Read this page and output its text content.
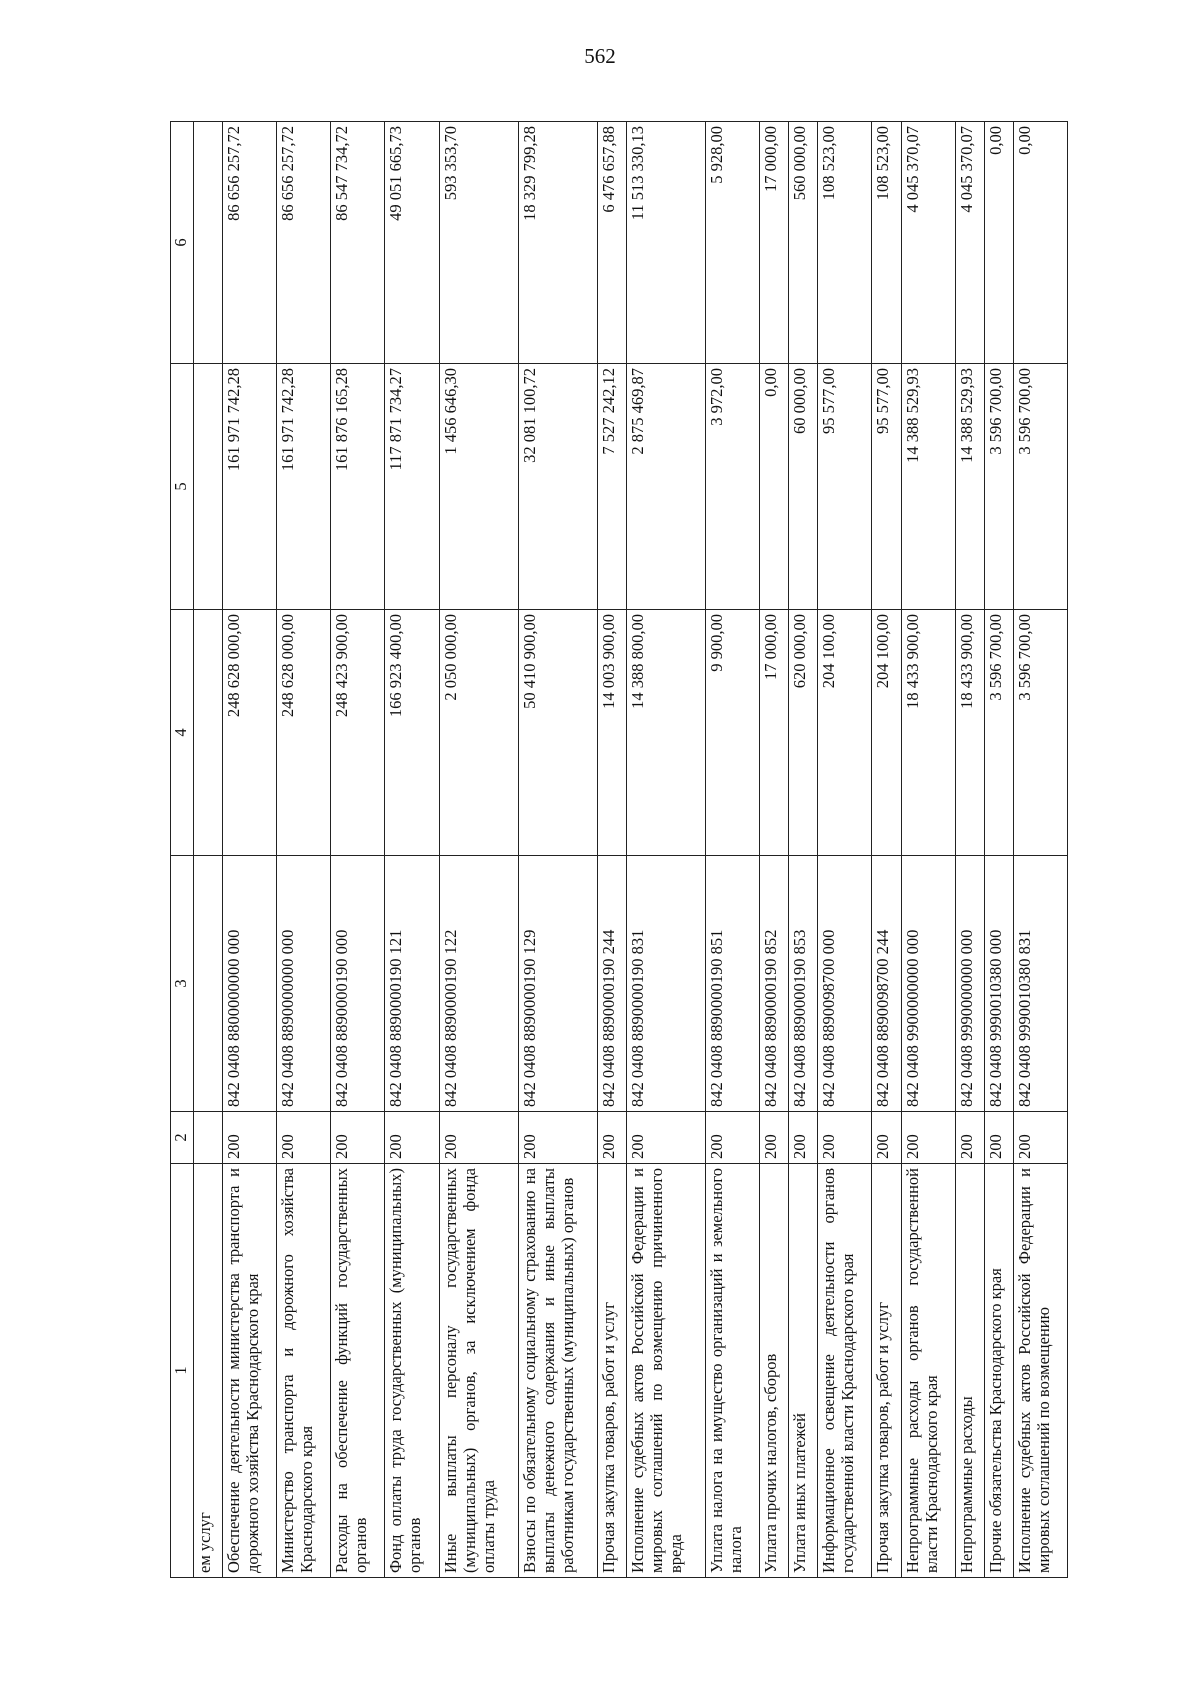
562
1	2	3	4	5	6
ем услуг					
Обеспечение деятельности министерства транспорта и дорожного хозяйства Краснодарского края	200	842 0408 8800000000 000	248 628 000,00	161 971 742,28	86 656 257,72
Министерство транспорта и дорожного хозяйства Краснодарского края	200	842 0408 8890000000 000	248 628 000,00	161 971 742,28	86 656 257,72
Расходы на обеспечение функций государственных органов	200	842 0408 8890000190 000	248 423 900,00	161 876 165,28	86 547 734,72
Фонд оплаты труда государственных (муниципальных) органов	200	842 0408 8890000190 121	166 923 400,00	117 871 734,27	49 051 665,73
Иные выплаты персоналу государственных (муниципальных) органов, за исключением фонда оплаты труда	200	842 0408 8890000190 122	2 050 000,00	1 456 646,30	593 353,70
Взносы по обязательному социальному страхованию на выплаты денежного содержания и иные выплаты работникам государственных (муниципальных) органов	200	842 0408 8890000190 129	50 410 900,00	32 081 100,72	18 329 799,28
Прочая закупка товаров, работ и услуг	200	842 0408 8890000190 244	14 003 900,00	7 527 242,12	6 476 657,88
Исполнение судебных актов Российской Федерации и мировых соглашений по возмещению причиненного вреда	200	842 0408 8890000190 831	14 388 800,00	2 875 469,87	11 513 330,13
Уплата налога на имущество организаций и земельного налога	200	842 0408 8890000190 851	9 900,00	3 972,00	5 928,00
Уплата прочих налогов, сборов	200	842 0408 8890000190 852	17 000,00	0,00	17 000,00
Уплата иных платежей	200	842 0408 8890000190 853	620 000,00	60 000,00	560 000,00
Информационное освещение деятельности органов государственной власти Краснодарского края	200	842 0408 8890098700 000	204 100,00	95 577,00	108 523,00
Прочая закупка товаров, работ и услуг	200	842 0408 8890098700 244	204 100,00	95 577,00	108 523,00
Непрограммные расходы органов государственной власти Краснодарского края	200	842 0408 9900000000 000	18 433 900,00	14 388 529,93	4 045 370,07
Непрограммные расходы	200	842 0408 9990000000 000	18 433 900,00	14 388 529,93	4 045 370,07
Прочие обязательства Краснодарского края	200	842 0408 9990010380 000	3 596 700,00	3 596 700,00	0,00
Исполнение судебных актов Российской Федерации и мировых соглашений по возмещению	200	842 0408 9990010380 831	3 596 700,00	3 596 700,00	0,00
